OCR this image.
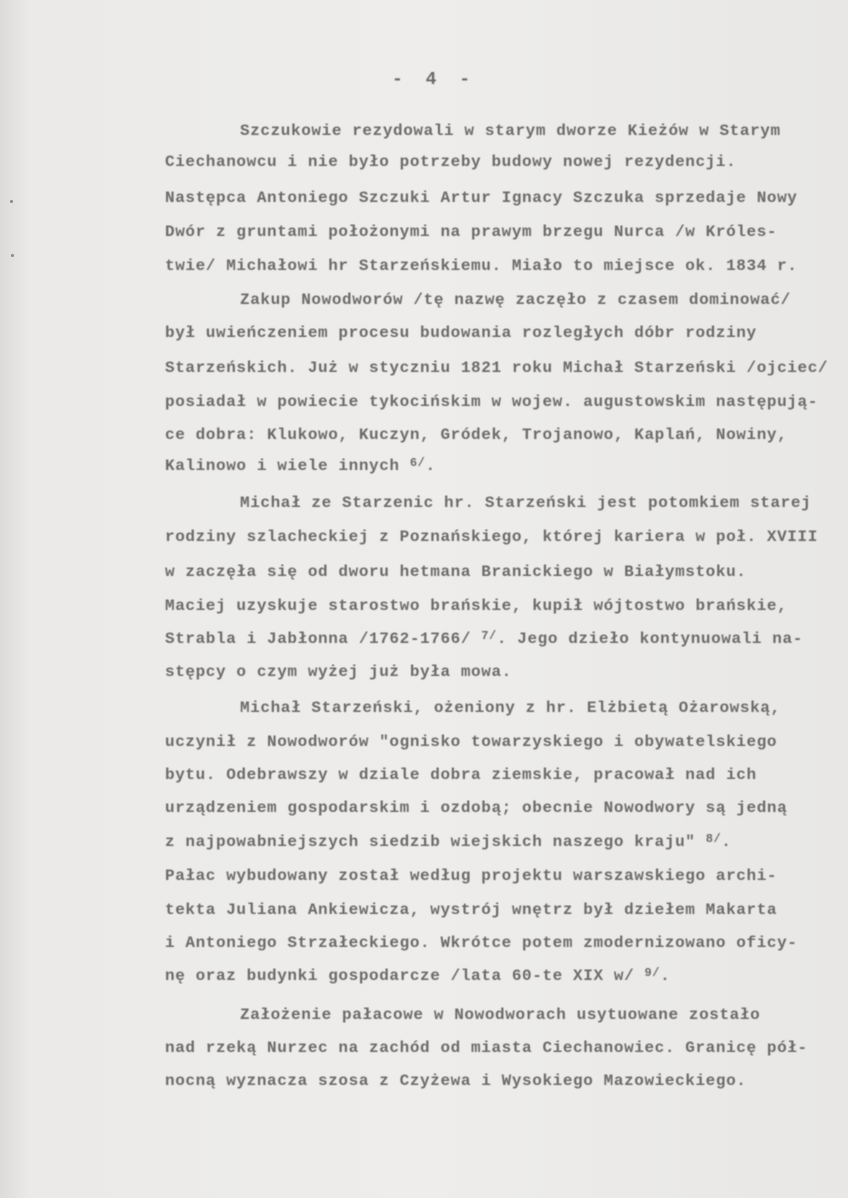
- 4 -
Szczukowie rezydowali w starym dworze Kieżów w Starym
Ciechanowcu i nie było potrzeby budowy nowej rezydencji.
Następca Antoniego Szczuki Artur Ignacy Szczuka sprzedaje Nowy
Dwór z gruntami położonymi na prawym brzegu Nurca /w Króles-
twie/ Michałowi hr Starzeńskiemu. Miało to miejsce ok. 1834 r.
Zakup Nowodworów /tę nazwę zaczęło z czasem dominować/
był uwieńczeniem procesu budowania rozległych dóbr rodziny
Starzeńskich. Już w styczniu 1821 roku Michał Starzeński /ojciec/
posiadał w powiecie tykocińskim w wojew. augustowskim następują-
ce dobra: Klukowo, Kuczyn, Gródek, Trojanowo, Kaplań, Nowiny,
Kalinowo i wiele innych $^{6/}$.
Michał ze Starzenic hr. Starzeński jest potomkiem starej
rodziny szlacheckiej z Poznańskiego, której kariera w poł. XVIII
w zaczęła się od dworu hetmana Branickiego w Białymstoku.
Maciej uzyskuje starostwo brańskie, kupił wójtostwo brańskie,
Strabla i Jabłonna /1762-1766/ $^{7/}$. Jego dzieło kontynuowali na-
stępcy o czym wyżej już była mowa.
Michał Starzeński, ożeniony z hr. Elżbietą Ożarowską,
uczynił z Nowodworów "ognisko towarzyskiego i obywatelskiego
bytu. Odebrawszy w dziale dobra ziemskie, pracował nad ich
urządzeniem gospodarskim i ozdobą; obecnie Nowodwory są jedną
z najpowabniejszych siedzib wiejskich naszego kraju" $^{8/}$.
Pałac wybudowany został według projektu warszawskiego archi-
tekta Juliana Ankiewicza, wystrój wnętrz był dziełem Makarta
i Antoniego Strzałeckiego. Wkrótce potem zmodernizowano oficy-
nę oraz budynki gospodarcze /lata 60-te XIX w/ $^{9/}$.
Założenie pałacowe w Nowodworach usytuowane zostało
nad rzeką Nurzec na zachód od miasta Ciechanowiec. Granicę pół-
nocną wyznacza szosa z Czyżewa i Wysokiego Mazowieckiego.
